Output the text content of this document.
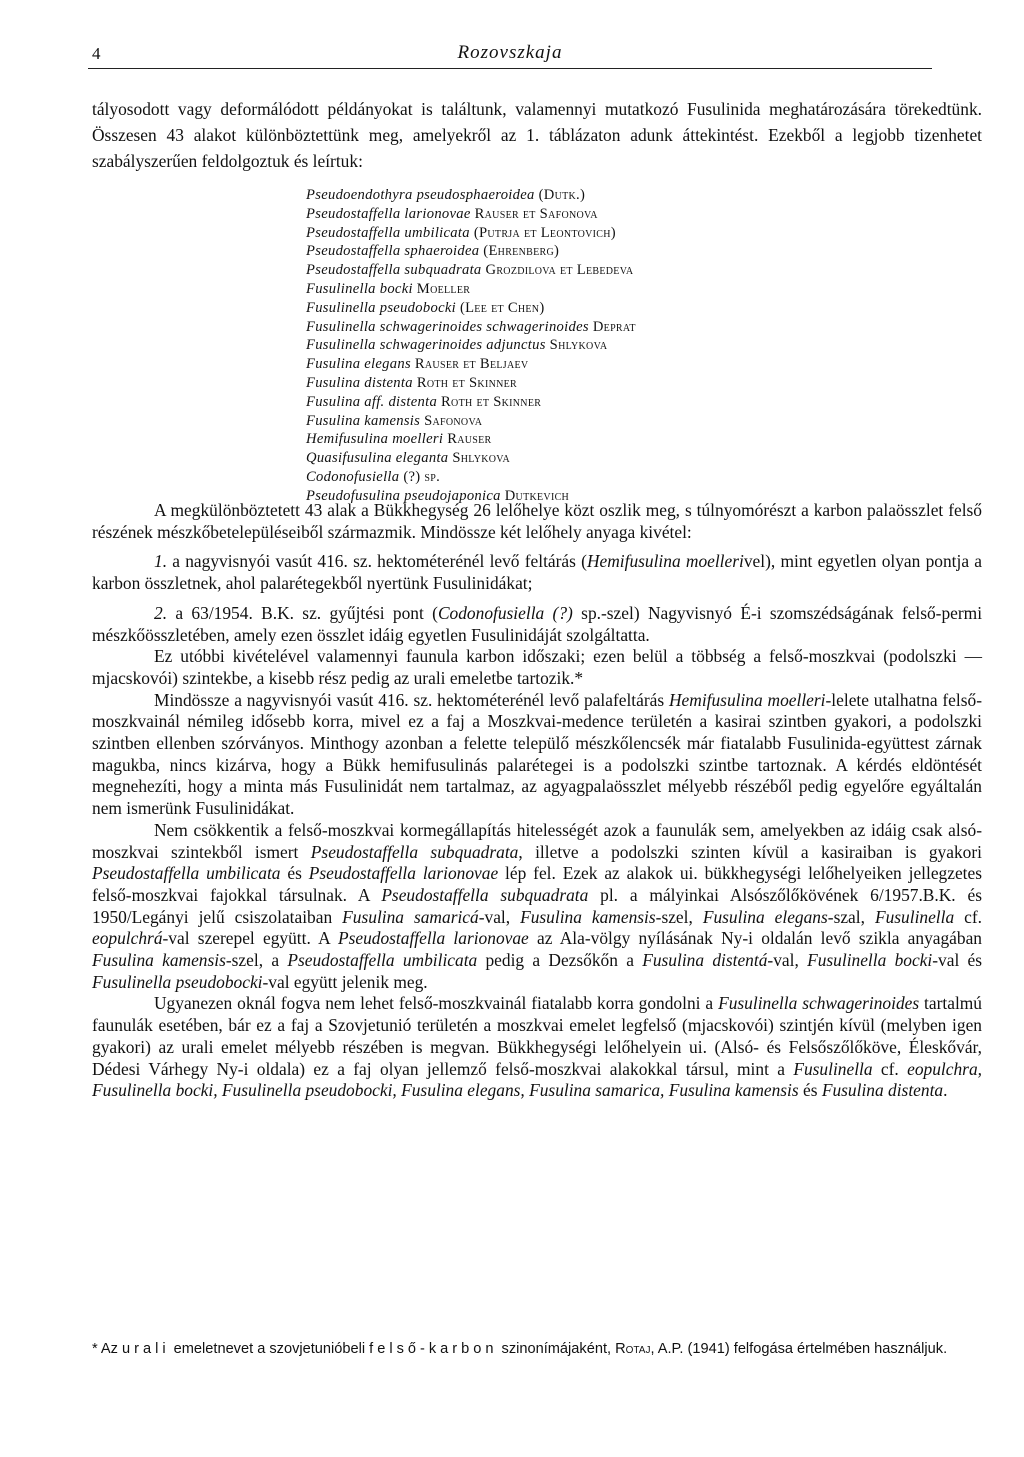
4	Rozovszkaja

tályosodott vagy deformálódott példányokat is találtunk, valamennyi mutatkozó Fusulinida meghatározására törekedtünk. Összesen 43 alakot különböztettünk meg, amelyekről az 1. táblázaton adunk áttekintést. Ezekből a legjobb tizenhetet szabályszerűen feldolgoztuk és leírtuk:

Pseudoendothyra pseudosphaeroidea (Dutk.)
Pseudostaffella larionovae Rauser et Safonova
Pseudostaffella umbilicata (Putrja et Leontovich)
Pseudostaffella sphaeroidea (Ehrenberg)
Pseudostaffella subquadrata Grozdilova et Lebedeva
Fusulinella bocki Moeller
Fusulinella pseudobocki (Lee et Chen)
Fusulinella schwagerinoides schwagerinoides Deprat
Fusulinella schwagerinoides adjunctus Shlykova
Fusulina elegans Rauser et Beljaev
Fusulina distenta Roth et Skinner
Fusulina aff. distenta Roth et Skinner
Fusulina kamensis Safonova
Hemifusulina moelleri Rauser
Quasifusulina eleganta Shlykova
Codonofusiella (?) sp.
Pseudofusulina pseudojaponica Dutkevich

A megkülönböztetett 43 alak a Bükkhegység 26 lelőhelye közt oszlik meg, s túlnyomórészt a karbon palaösszlet felső részének mészkőbetelepüléseiből származmik. Mindössze két lelőhely anyaga kivétel:

1. a nagyvisnyói vasút 416. sz. hektométerénél levő feltárás (Hemifusulina moellerivel), mint egyetlen olyan pontja a karbon összletnek, ahol palarétegekből nyertünk Fusulinidákat;

2. a 63/1954. B.K. sz. gyűjtési pont (Codonofusiella (?) sp.-szel) Nagyvisnyó É-i szomszédságának felső-permi mészkőösszletében, amely ezen összlet idáig egyetlen Fusulinidáját szolgáltatta.

Ez utóbbi kivételével valamennyi faunula karbon időszaki; ezen belül a többség a felső-moszkvai (podolszki — mjacskovói) szintekbe, a kisebb rész pedig az urali emeletbe tartozik.*

Mindössze a nagyvisnyói vasút 416. sz. hektométerénél levő palafeltárás Hemifusulina moelleri-lelete utalhatna felső-moszkvainál némileg idősebb korra, mivel ez a faj a Moszkvai-medence területén a kasirai szintben gyakori, a podolszki szintben ellenben szórványos. Minthogy azonban a felette települő mészkőlencsék már fiatalabb Fusulinida-együttest zárnak magukba, nincs kizárva, hogy a Bükk hemifusulinás palarétegei is a podolszki szintbe tartoznak. A kérdés eldöntését megnehezíti, hogy a minta más Fusulinidát nem tartalmaz, az agyagpalaösszlet mélyebb részéből pedig egyelőre egyáltalán nem ismerünk Fusulinidákat.

Nem csökkentik a felső-moszkvai kormegállapítás hitelességét azok a faunulák sem, amelyekben az idáig csak alsó-moszkvai szintekből ismert Pseudostaffella subquadrata, illetve a podolszki szinten kívül a kasiraiban is gyakori Pseudostaffella umbilicata és Pseudostaffella larionovae lép fel. Ezek az alakok ui. bükkhegységi lelőhelyeiken jellegzetes felső-moszkvai fajokkal társulnak. A Pseudostaffella subquadrata pl. a mályinkai Alsószőlőkövének 6/1957.B.K. és 1950/Legányi jelű csiszolataiban Fusulina samaricá-val, Fusulina kamensis-szel, Fusulina elegans-szal, Fusulinella cf. eopulchrá-val szerepel együtt. A Pseudostaffella larionovae az Ala-völgy nyílásának Ny-i oldalán levő szikla anyagában Fusulina kamensis-szel, a Pseudostaffella umbilicata pedig a Dezsőkőn a Fusulina distentá-val, Fusulinella bocki-val és Fusulinella pseudobocki-val együtt jelenik meg.

Ugyanezen oknál fogva nem lehet felső-moszkvainál fiatalabb korra gondolni a Fusulinella schwagerinoides tartalmú faunulák esetében, bár ez a faj a Szovjetunió területén a moszkvai emelet legfelső (mjacskovói) szintjén kívül (melyben igen gyakori) az urali emelet mélyebb részében is megvan. Bükkhegységi lelőhelyein ui. (Alsó- és Felsőszőlőköve, Éleskővár, Dédesi Várhegy Ny-i oldala) ez a faj olyan jellemző felső-moszkvai alakokkal társul, mint a Fusulinella cf. eopulchra, Fusulinella bocki, Fusulinella pseudobocki, Fusulina elegans, Fusulina samarica, Fusulina kamensis és Fusulina distenta.

* Az urali emeletnevet a szovjetunióbeli felső-karbon szinonímájaként, Rotaj, A.P. (1941) felfogása értelmében használjuk.
